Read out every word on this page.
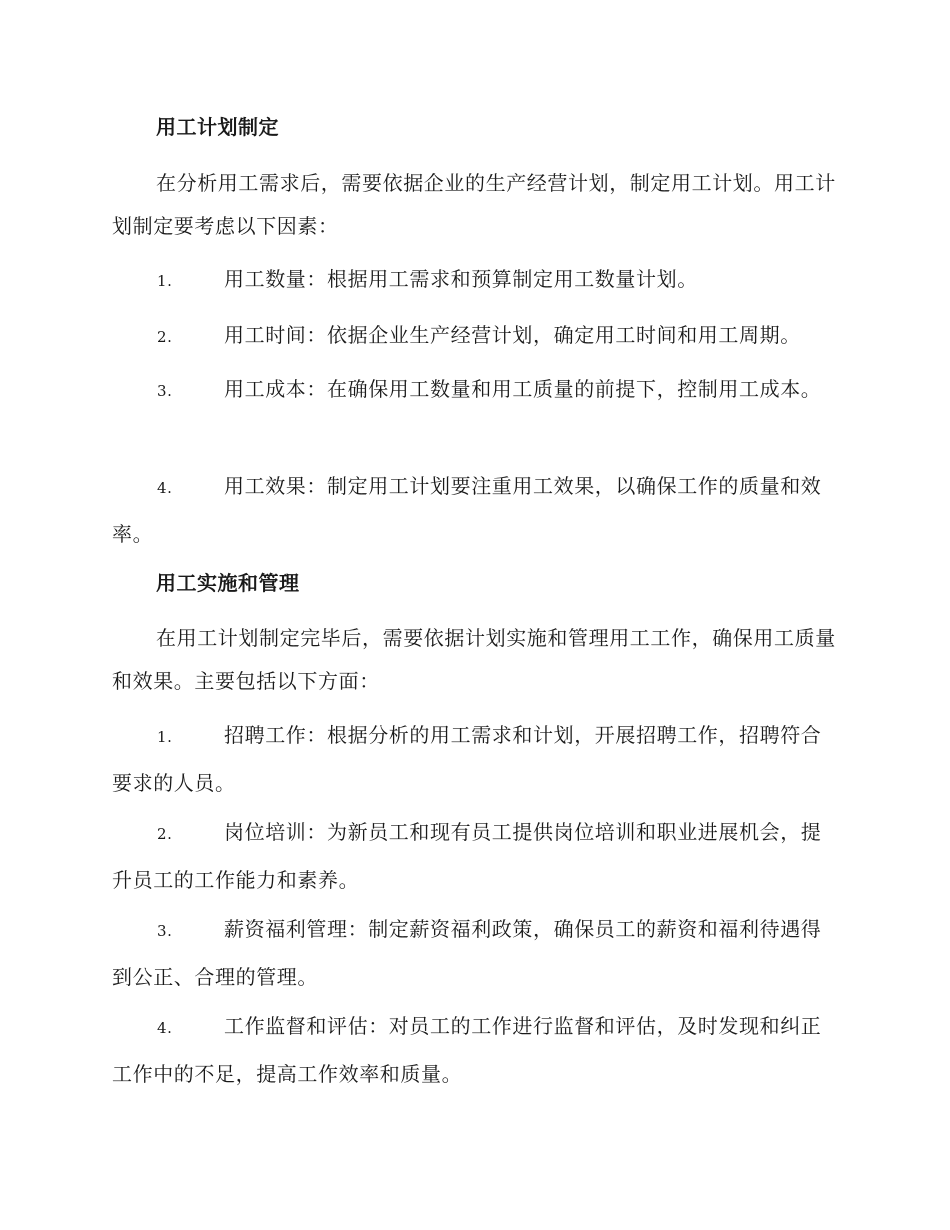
用工计划制定
在分析用工需求后，需要依据企业的生产经营计划，制定用工计划。用工计划制定要考虑以下因素：
1.	用工数量：根据用工需求和预算制定用工数量计划。
2.	用工时间：依据企业生产经营计划，确定用工时间和用工周期。
3.	用工成本：在确保用工数量和用工质量的前提下，控制用工成本。
4.	用工效果：制定用工计划要注重用工效果，以确保工作的质量和效率。
用工实施和管理
在用工计划制定完毕后，需要依据计划实施和管理用工工作，确保用工质量和效果。主要包括以下方面：
1.	招聘工作：根据分析的用工需求和计划，开展招聘工作，招聘符合要求的人员。
2.	岗位培训：为新员工和现有员工提供岗位培训和职业进展机会，提升员工的工作能力和素养。
3.	薪资福利管理：制定薪资福利政策，确保员工的薪资和福利待遇得到公正、合理的管理。
4.	工作监督和评估：对员工的工作进行监督和评估，及时发现和纠正工作中的不足，提高工作效率和质量。
